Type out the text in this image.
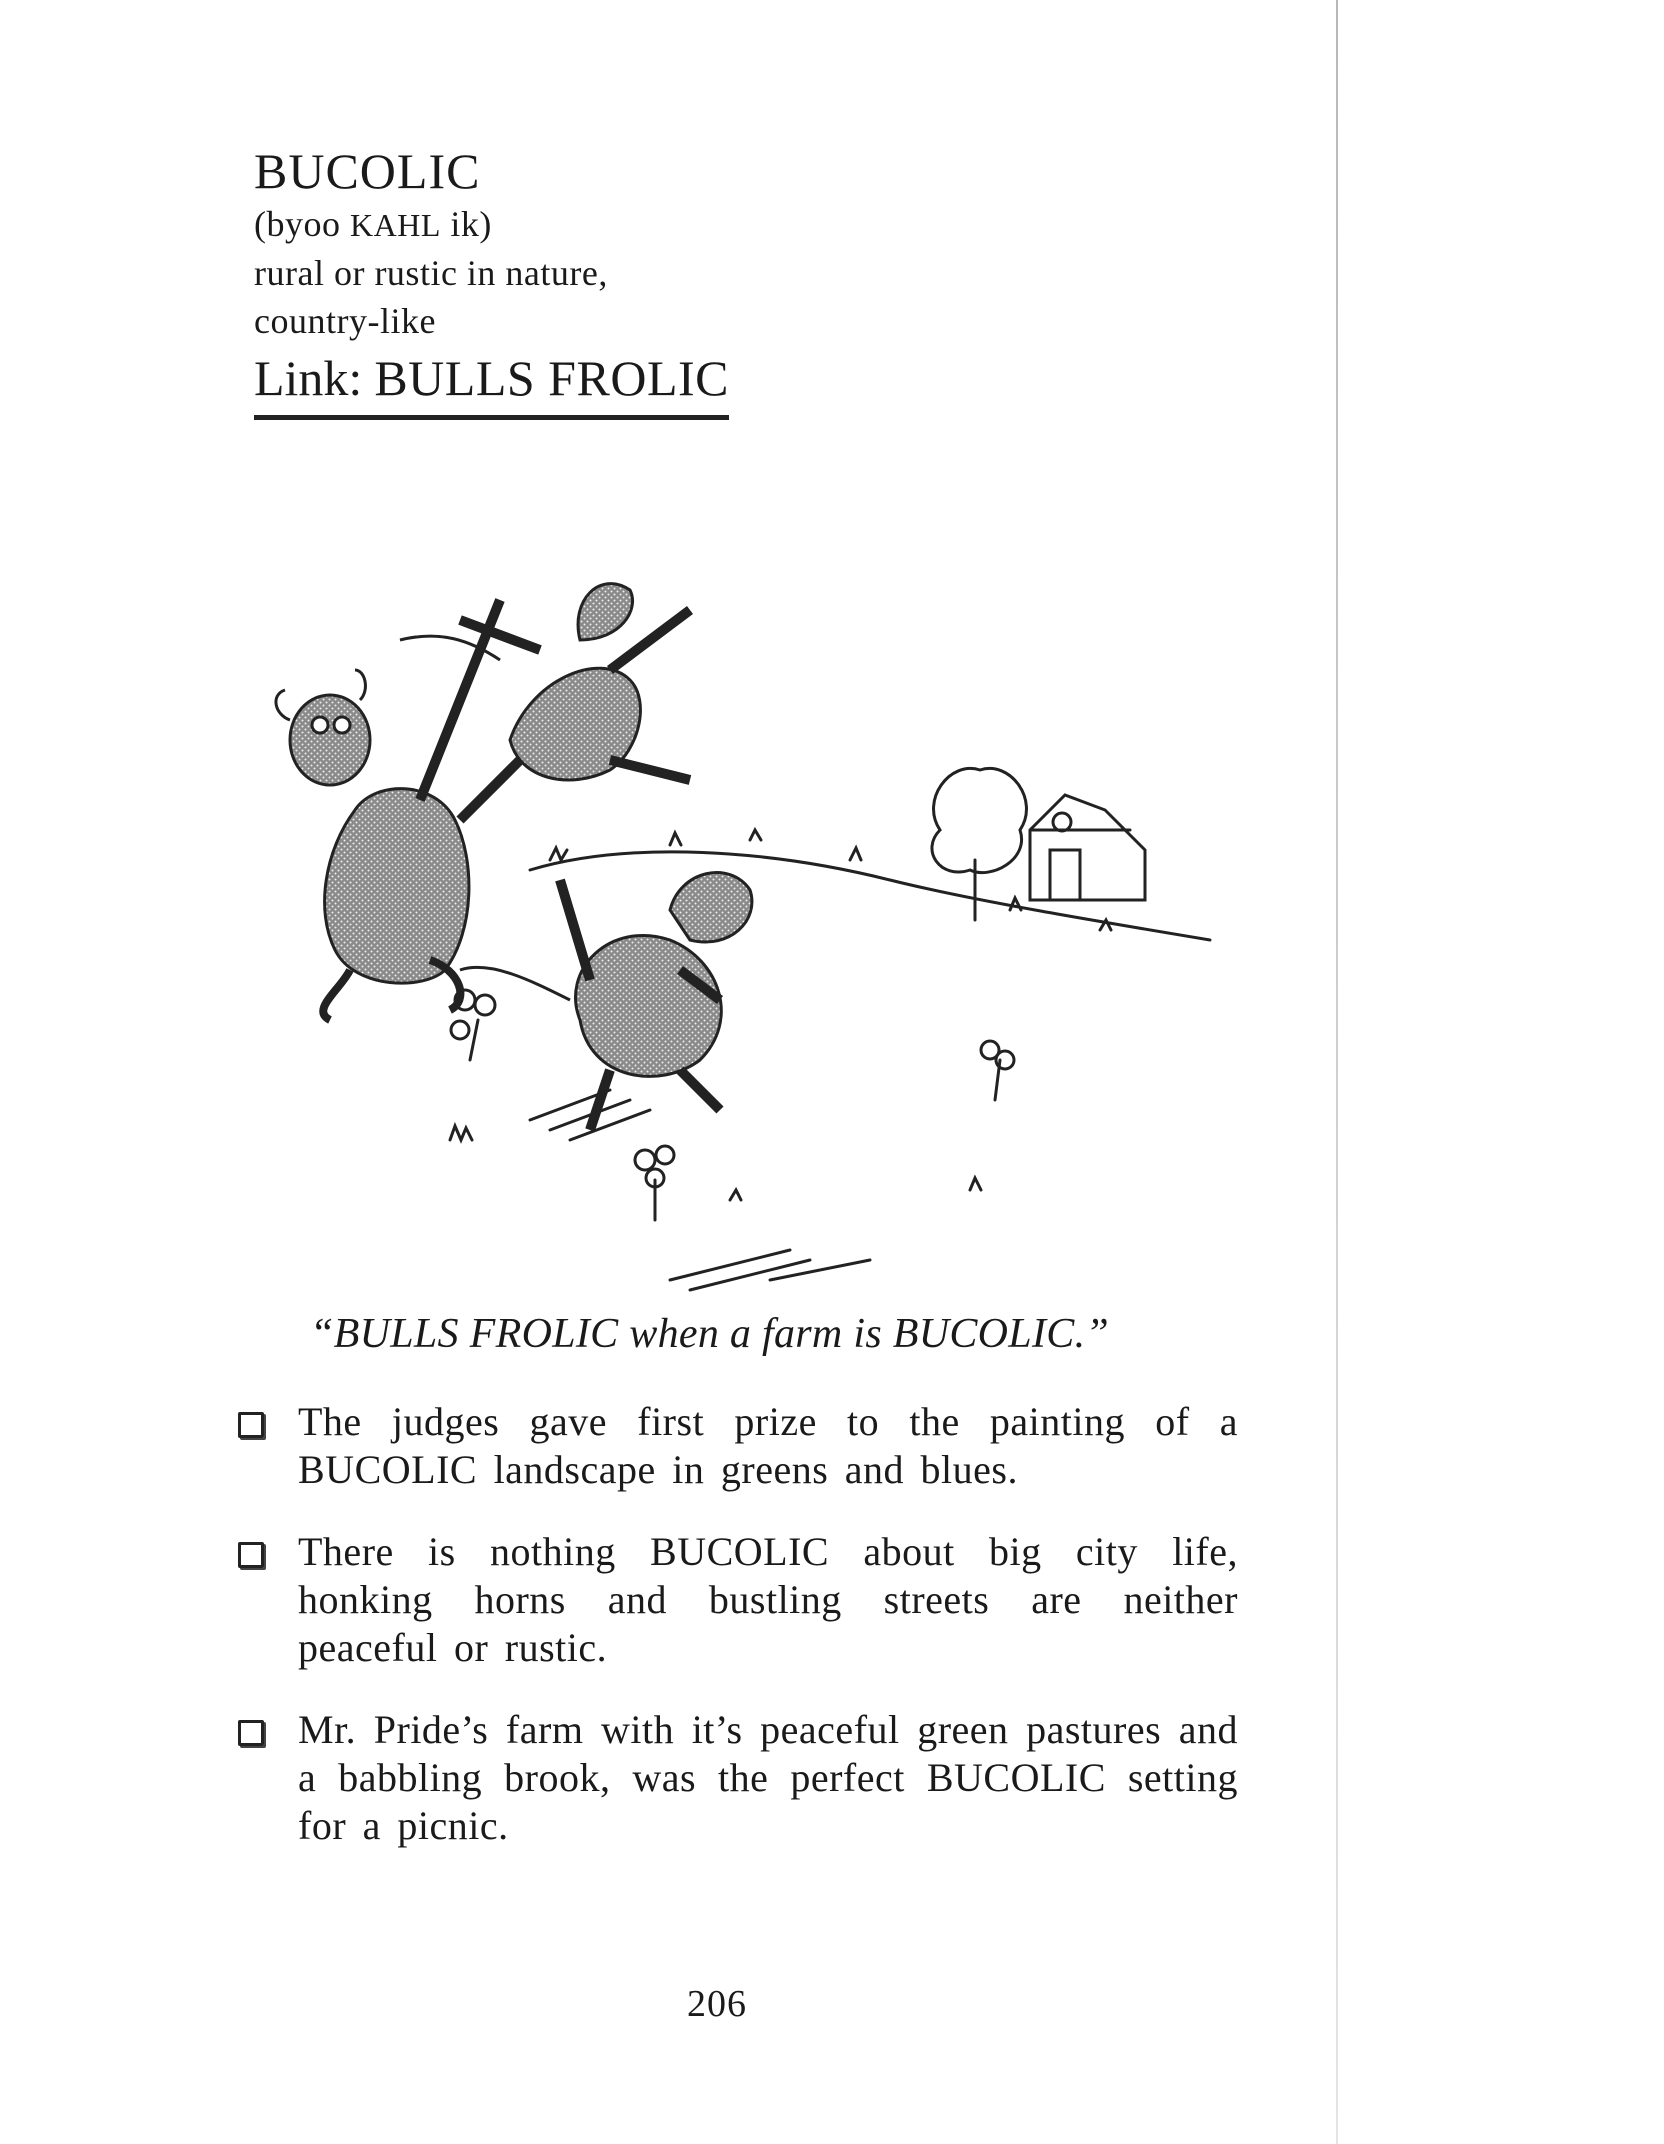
BUCOLIC
(byoo KAHL ik)
rural or rustic in nature,
country-like
Link: BULLS FROLIC
“BULLS FROLIC when a farm is BUCOLIC.”
The judges gave first prize to the painting of a BUCOLIC landscape in greens and blues.
There is nothing BUCOLIC about big city life, honking horns and bustling streets are neither peaceful or rustic.
Mr. Pride’s farm with it’s peaceful green pastures and a babbling brook, was the perfect BUCOLIC setting for a picnic.
206
